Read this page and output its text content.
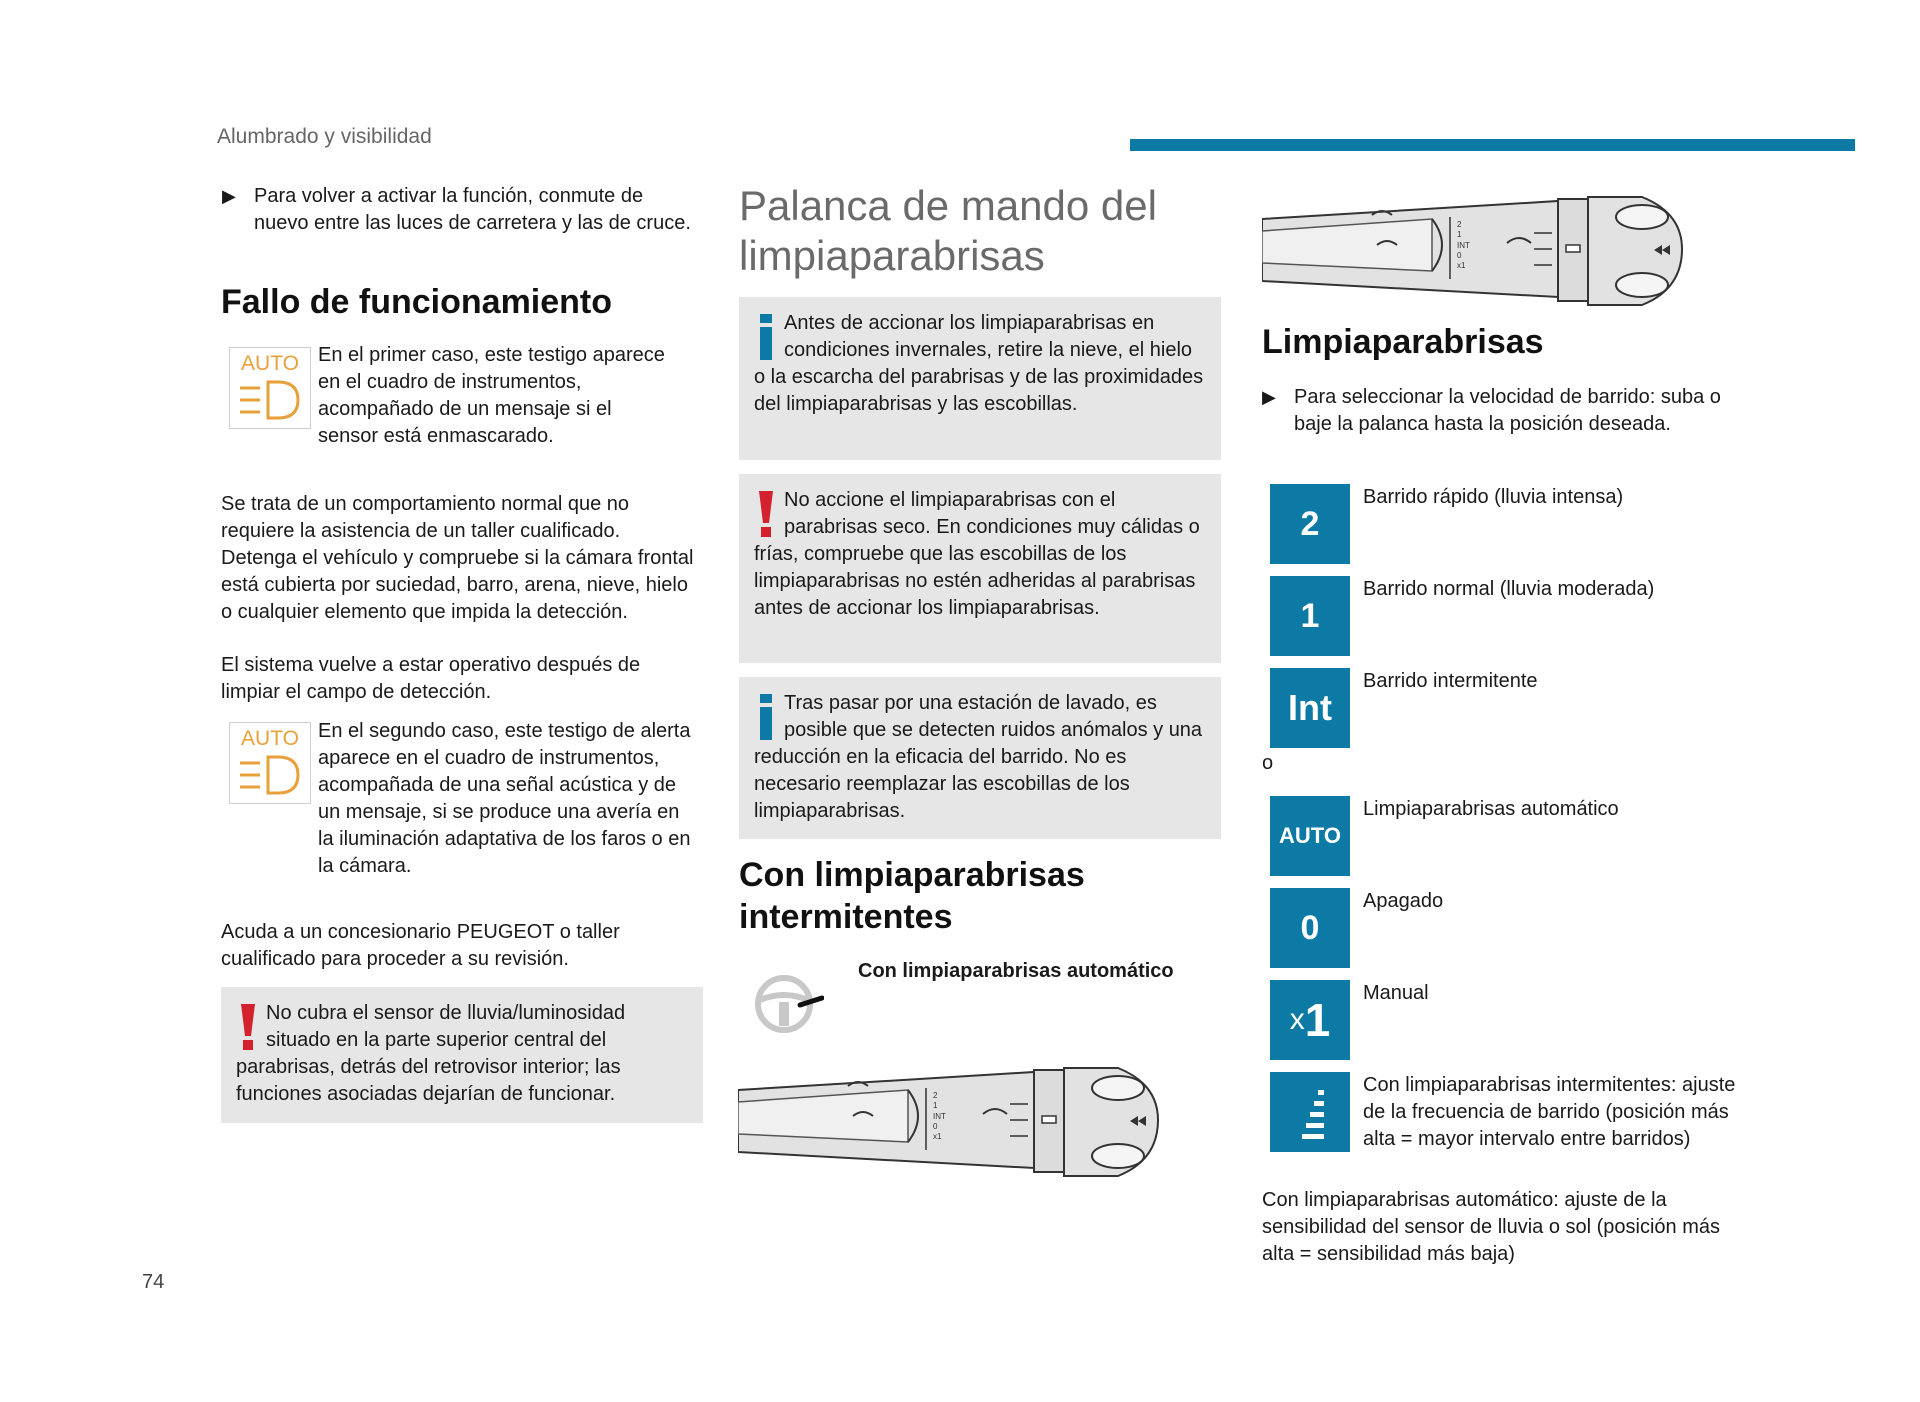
Alumbrado y visibilidad
74
▶ Para volver a activar la función, conmute de nuevo entre las luces de carretera y las de cruce.

Fallo de funcionamiento
AUTO En el primer caso, este testigo aparece en el cuadro de instrumentos, acompañado de un mensaje si el sensor está enmascarado.

Se trata de un comportamiento normal que no requiere la asistencia de un taller cualificado. Detenga el vehículo y compruebe si la cámara frontal está cubierta por suciedad, barro, arena, nieve, hielo o cualquier elemento que impida la detección.

El sistema vuelve a estar operativo después de limpiar el campo de detección.

AUTO En el segundo caso, este testigo de alerta aparece en el cuadro de instrumentos, acompañada de una señal acústica y de un mensaje, si se produce una avería en la iluminación adaptativa de los faros o en la cámara.

Acuda a un concesionario PEUGEOT o taller cualificado para proceder a su revisión.

No cubra el sensor de lluvia/luminosidad situado en la parte superior central del parabrisas, detrás del retrovisor interior; las funciones asociadas dejarían de funcionar.

Palanca de mando del limpiaparabrisas

Antes de accionar los limpiaparabrisas en condiciones invernales, retire la nieve, el hielo o la escarcha del parabrisas y de las proximidades del limpiaparabrisas y las escobillas.

No accione el limpiaparabrisas con el parabrisas seco. En condiciones muy cálidas o frías, compruebe que las escobillas de los limpiaparabrisas no estén adheridas al parabrisas antes de accionar los limpiaparabrisas.

Tras pasar por una estación de lavado, es posible que se detecten ruidos anómalos y una reducción en la eficacia del barrido. No es necesario reemplazar las escobillas de los limpiaparabrisas.

Con limpiaparabrisas intermitentes
Con limpiaparabrisas automático
2
1
INT
0
x1
2
1
INT
0
x1
Limpiaparabrisas
▶ Para seleccionar la velocidad de barrido: suba o baje la palanca hasta la posición deseada.

2
Barrido rápido (lluvia intensa)
1
Barrido normal (lluvia moderada)
Int
Barrido intermitente
o
AUTO
Limpiaparabrisas automático
0
Apagado
x 1
Manual
Con limpiaparabrisas intermitentes: ajuste de la frecuencia de barrido (posición más alta = mayor intervalo entre barridos)

Con limpiaparabrisas automático: ajuste de la sensibilidad del sensor de lluvia o sol (posición más alta = sensibilidad más baja)
